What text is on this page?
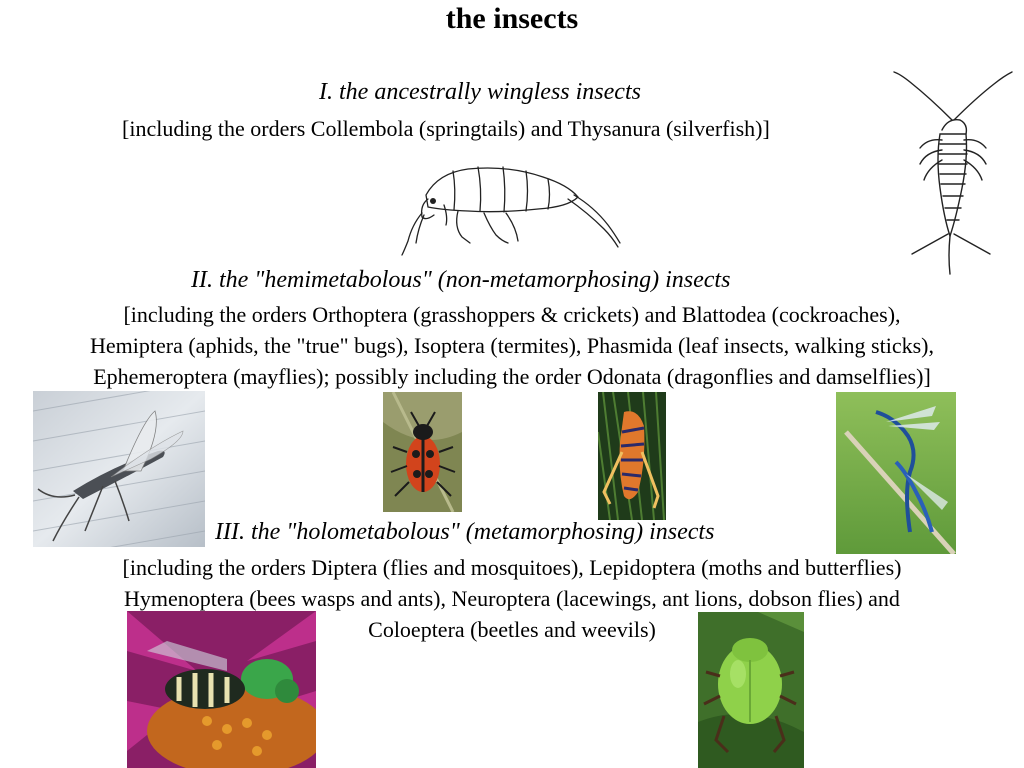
the insects
I. the ancestrally wingless insects
[including the orders Collembola (springtails) and Thysanura (silverfish)]
II. the "hemimetabolous" (non-metamorphosing) insects
[including the orders Orthoptera (grasshoppers & crickets) and Blattodea (cockroaches),
Hemiptera (aphids, the "true" bugs), Isoptera (termites), Phasmida (leaf insects, walking sticks),
Ephemeroptera (mayflies); possibly including the order Odonata (dragonflies and damselflies)]
III. the "holometabolous" (metamorphosing) insects
[including the orders Diptera (flies and mosquitoes), Lepidoptera (moths and butterflies)
Hymenoptera (bees wasps and ants), Neuroptera (lacewings, ant lions, dobson flies) and
Coloeptera (beetles and weevils)
